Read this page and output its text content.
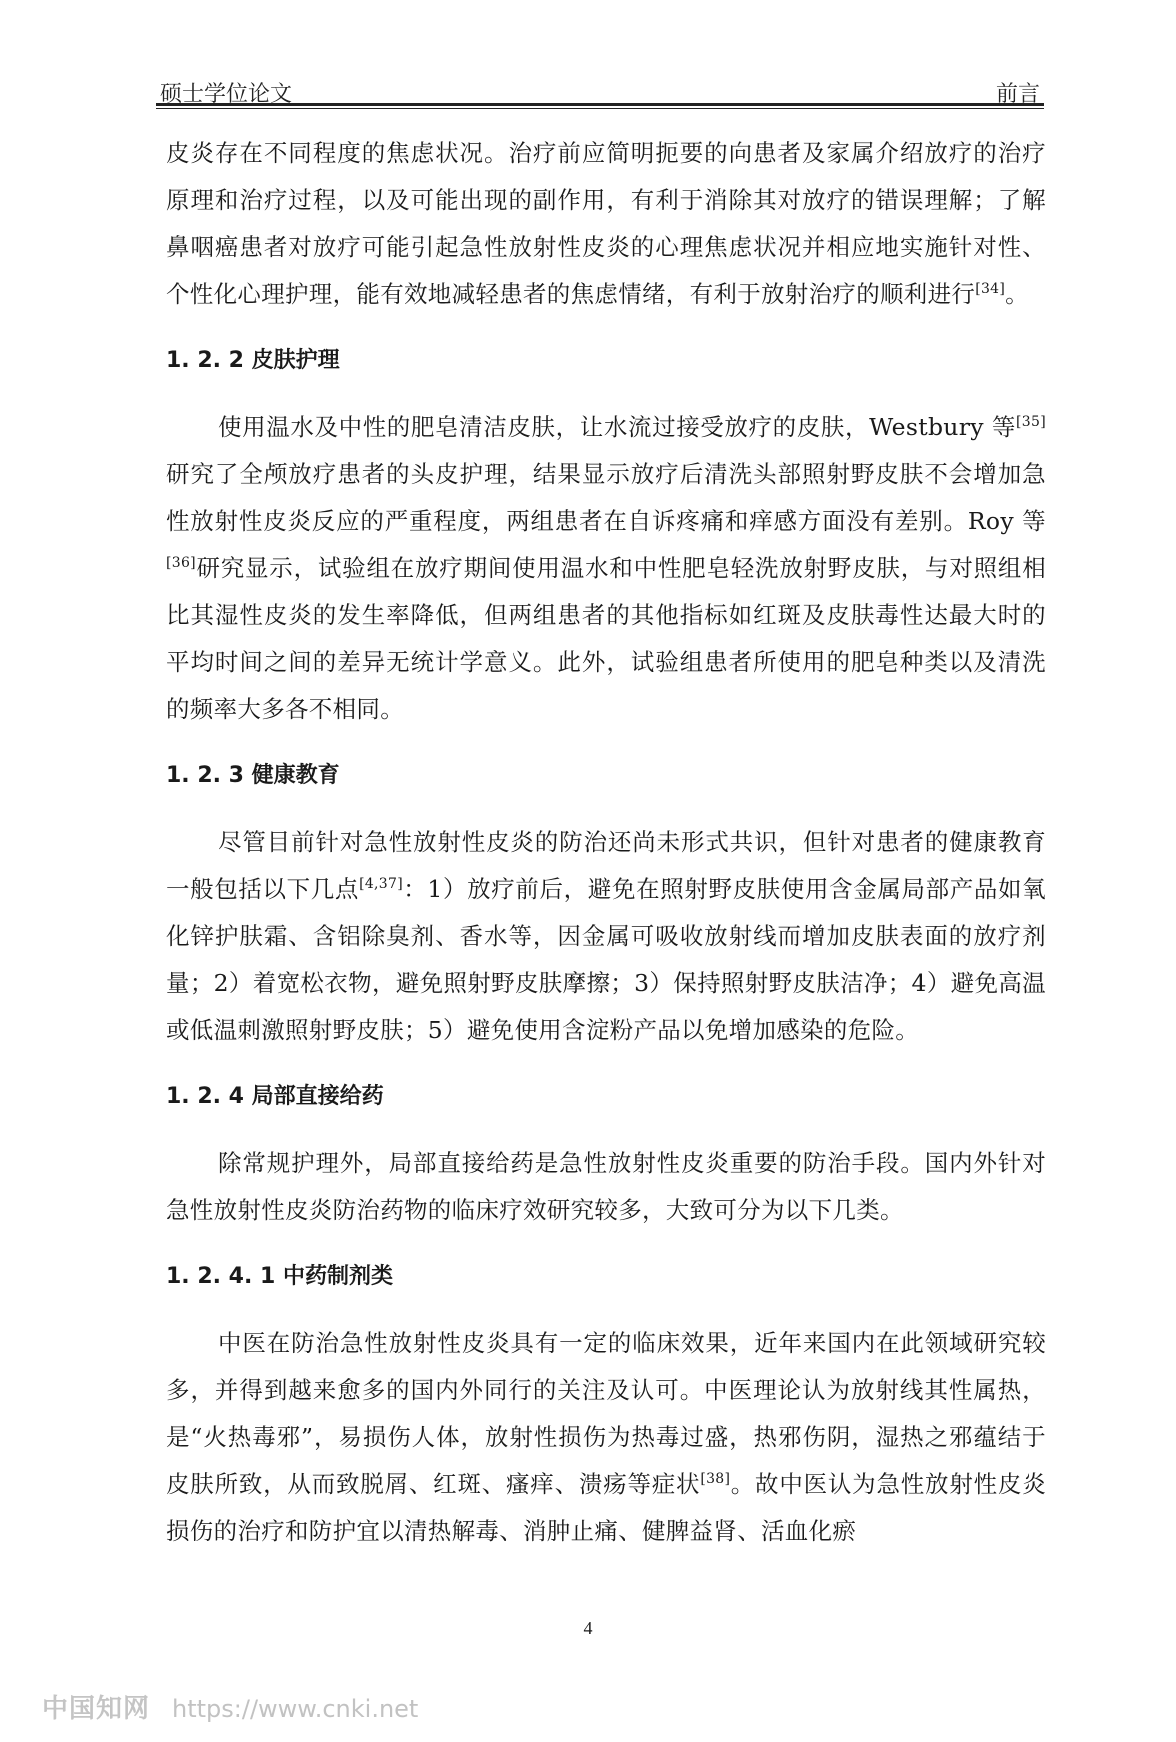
硕士学位论文	前言

皮炎存在不同程度的焦虑状况。治疗前应简明扼要的向患者及家属介绍放疗的治疗原理和治疗过程，以及可能出现的副作用，有利于消除其对放疗的错误理解；了解鼻咽癌患者对放疗可能引起急性放射性皮炎的心理焦虑状况并相应地实施针对性、个性化心理护理，能有效地减轻患者的焦虑情绪，有利于放射治疗的顺利进行[34]。

1. 2. 2 皮肤护理

使用温水及中性的肥皂清洁皮肤，让水流过接受放疗的皮肤，Westbury 等[35]研究了全颅放疗患者的头皮护理，结果显示放疗后清洗头部照射野皮肤不会增加急性放射性皮炎反应的严重程度，两组患者在自诉疼痛和痒感方面没有差别。Roy 等[36]研究显示，试验组在放疗期间使用温水和中性肥皂轻洗放射野皮肤，与对照组相比其湿性皮炎的发生率降低，但两组患者的其他指标如红斑及皮肤毒性达最大时的平均时间之间的差异无统计学意义。此外，试验组患者所使用的肥皂种类以及清洗的频率大多各不相同。

1. 2. 3 健康教育

尽管目前针对急性放射性皮炎的防治还尚未形式共识，但针对患者的健康教育一般包括以下几点[4,37]：1）放疗前后，避免在照射野皮肤使用含金属局部产品如氧化锌护肤霜、含铝除臭剂、香水等，因金属可吸收放射线而增加皮肤表面的放疗剂量；2）着宽松衣物，避免照射野皮肤摩擦；3）保持照射野皮肤洁净；4）避免高温或低温刺激照射野皮肤；5）避免使用含淀粉产品以免增加感染的危险。

1. 2. 4 局部直接给药

除常规护理外，局部直接给药是急性放射性皮炎重要的防治手段。国内外针对急性放射性皮炎防治药物的临床疗效研究较多，大致可分为以下几类。

1. 2. 4. 1 中药制剂类

中医在防治急性放射性皮炎具有一定的临床效果，近年来国内在此领域研究较多，并得到越来愈多的国内外同行的关注及认可。中医理论认为放射线其性属热，是“火热毒邪”，易损伤人体，放射性损伤为热毒过盛，热邪伤阴，湿热之邪蕴结于皮肤所致，从而致脱屑、红斑、瘙痒、溃疡等症状[38]。故中医认为急性放射性皮炎损伤的治疗和防护宜以清热解毒、消肿止痛、健脾益肾、活血化瘀

4
中国知网 https://www.cnki.net
